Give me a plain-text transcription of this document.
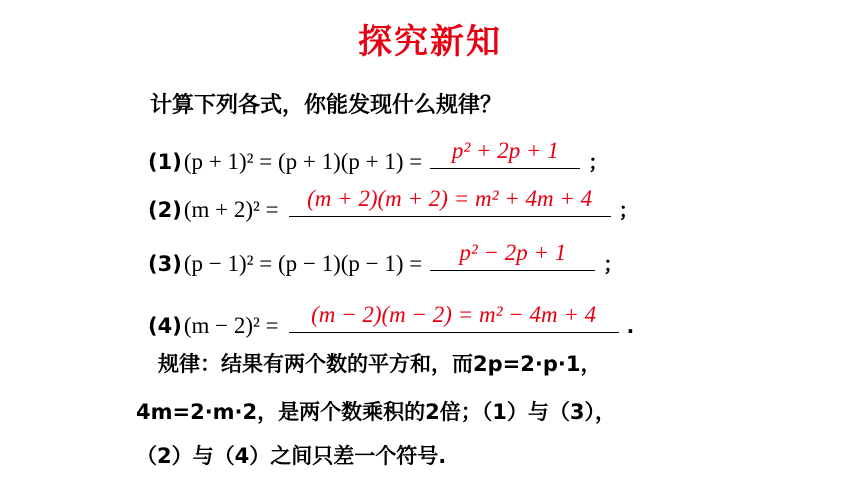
探究新知
计算下列各式，你能发现什么规律？
(1) (p + 1)² = (p + 1)(p + 1) =	p² + 2p + 1	；
(2) (m + 2)² =	(m + 2)(m + 2) = m² + 4m + 4	；
(3) (p − 1)² = (p − 1)(p − 1) =	p² − 2p + 1	；
(4) (m − 2)² =	(m − 2)(m − 2) = m² − 4m + 4	.
规律：结果有两个数的平方和，而2p=2·p·1，
4m=2·m·2，是两个数乘积的2倍；（1）与（3），
（2）与（4）之间只差一个符号.
